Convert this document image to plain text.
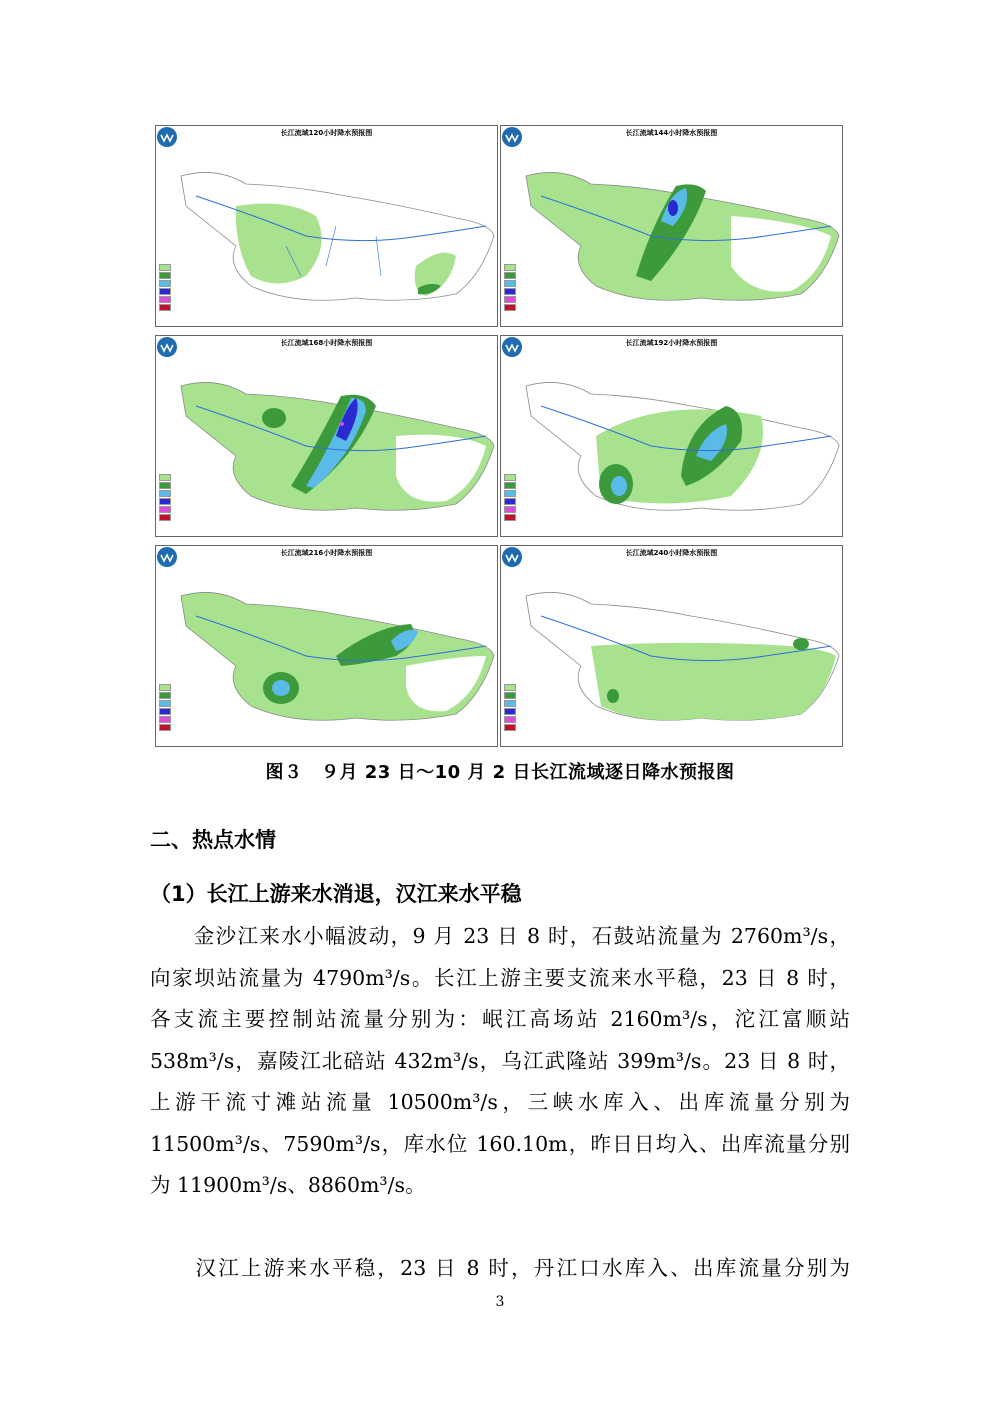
长江流域120小时降水预报图	长江流域144小时降水预报图
长江流域168小时降水预报图	长江流域192小时降水预报图
长江流域216小时降水预报图	长江流域240小时降水预报图
图３　９月 23 日～10 月 2 日长江流域逐日降水预报图
二、热点水情
（1）长江上游来水消退，汉江来水平稳
　　金沙江来水小幅波动，9 月 23 日 8 时，石鼓站流量为 2760m³/s，
向家坝站流量为 4790m³/s。长江上游主要支流来水平稳，23 日 8 时，
各支流主要控制站流量分别为：岷江高场站 2160m³/s，沱江富顺站
538m³/s，嘉陵江北碚站 432m³/s，乌江武隆站 399m³/s。23 日 8 时，
上游干流寸滩站流量 10500m³/s，三峡水库入、出库流量分别为
11500m³/s、7590m³/s，库水位 160.10m，昨日日均入、出库流量分别
为 11900m³/s、8860m³/s。
　　汉江上游来水平稳，23 日 8 时，丹江口水库入、出库流量分别为
3
